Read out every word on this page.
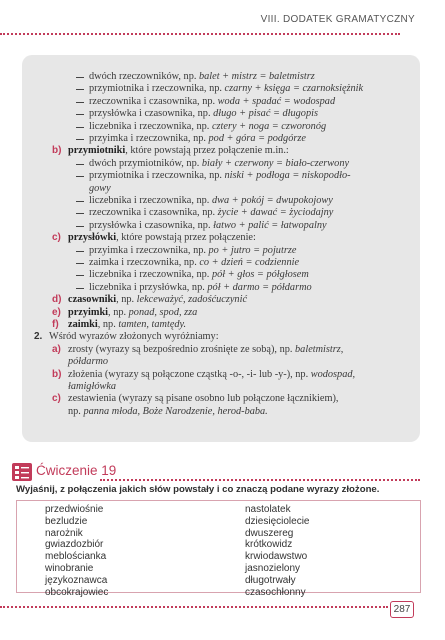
VIII. DODATEK GRAMATYCZNY
dwóch rzeczowników, np. balet + mistrz = baletmistrz
przymiotnika i rzeczownika, np. czarny + księga = czarnoksiężnik
rzeczownika i czasownika, np. woda + spadać = wodospad
przysłówka i czasownika, np. długo + pisać = długopis
liczebnika i rzeczownika, np. cztery + noga = czworonóg
przyimka i rzeczownika, np. pod + góra = podgórze
b) przymiotniki, które powstają przez połączenie m.in.:
dwóch przymiotników, np. biały + czerwony = biało-czerwony
przymiotnika i rzeczownika, np. niski + podłoga = niskopodło-
gowy
liczebnika i rzeczownika, np. dwa + pokój = dwupokojowy
rzeczownika i czasownika, np. życie + dawać = życiodajny
przysłówka i czasownika, np. łatwo + palić = łatwopalny
c) przysłówki, które powstają przez połączenie:
przyimka i rzeczownika, np. po + jutro = pojutrze
zaimka i rzeczownika, np. co + dzień = codziennie
liczebnika i rzeczownika, np. pół + głos = półgłosem
liczebnika i przysłówka, np. pół + darmo = półdarmo
d) czasowniki, np. lekceważyć, zadośćuczynić
e) przyimki, np. ponad, spod, zza
f) zaimki, np. tamten, tamtędy.
2. Wśród wyrazów złożonych wyróżniamy:
a) zrosty (wyrazy są bezpośrednio zrośnięte ze sobą), np. baletmistrz,
półdarmo
b) złożenia (wyrazy są połączone cząstką -o-, -i- lub -y-), np. wodospad,
łamigłówka
c) zestawienia (wyrazy są pisane osobno lub połączone łącznikiem),
np. panna młoda, Boże Narodzenie, herod-baba.
Ćwiczenie 19
Wyjaśnij, z połączenia jakich słów powstały i co znaczą podane wyrazy złożone.
przedwiośnie
bezludzie
narożnik
gwiazdozbiór
meblościanka
winobranie
językoznawca
obcokrajowiec
nastolatek
dziesięciolecie
dwuszereg
krótkowidz
krwiodawstwo
jasnozielony
długotrwały
czasochłonny
287
